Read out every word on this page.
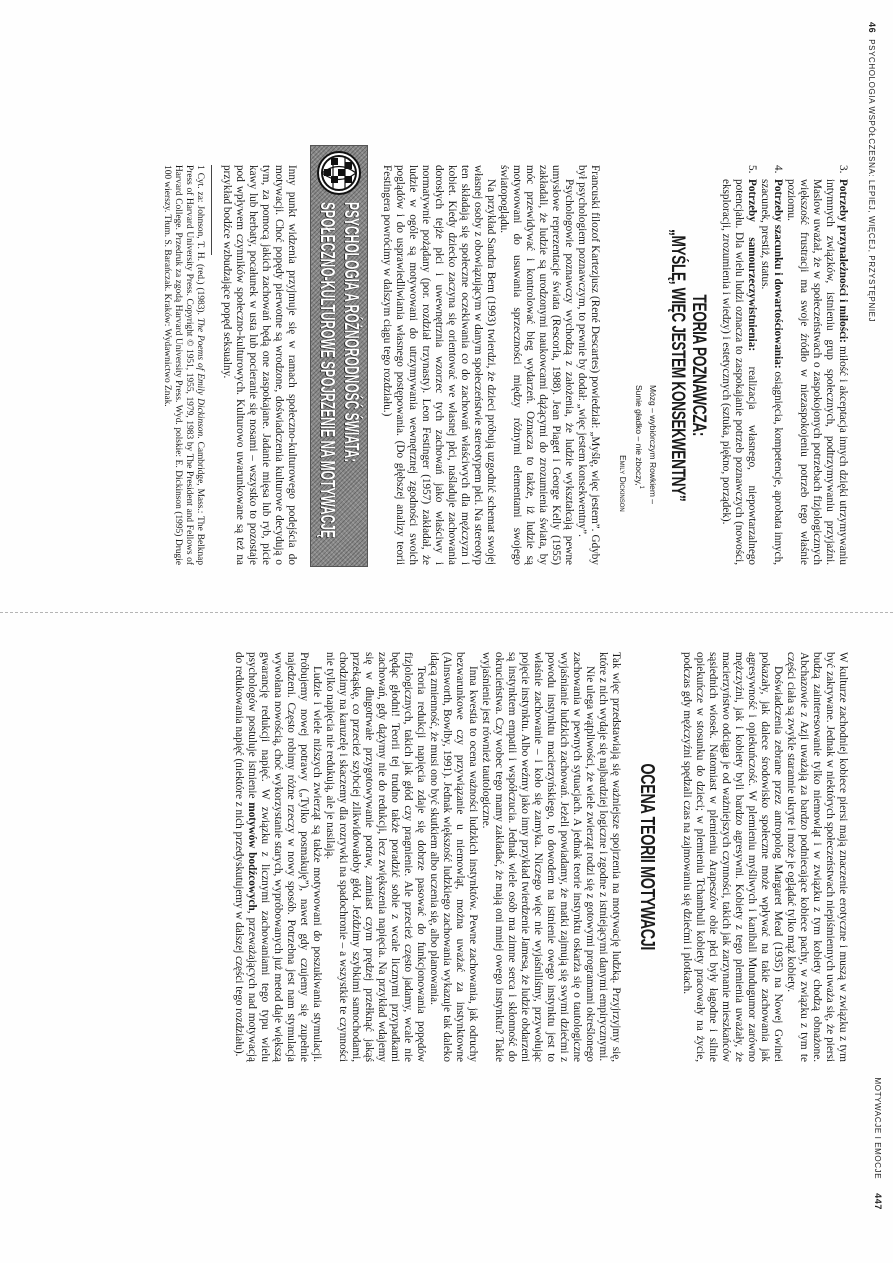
46PSYCHOLOGIA WSPÓŁCZESNA: LEPIEJ, WIĘCEJ, PRZYSTĘPNIEJ
MOTYWACJE I EMOCJE447
3.Potrzeby przynależności i miłości: miłość i akceptacja innych dzięki utrzymywaniu intymnych związków, istnieniu grup społecznych, podtrzymywaniu przyjaźni. Maslow uważał, że w społeczeństwach o zaspokojonych potrzebach fizjologicznych większość frustracji ma swoje źródło w niezaspokojeniu potrzeb tego właśnie poziomu.
4.Potrzeby szacunku i dowartościowania: osiągnięcia, kompetencje, aprobata innych, szacunek, prestiż, status.
5.Potrzeby samourzeczywistnienia: realizacja własnego, niepowtarzalnego potencjału. Dla wielu ludzi oznacza to zaspokajanie potrzeb poznawczych (nowości, eksploracji, zrozumienia i wiedzy) i estetycznych (sztuka, piękno, porządek).
TEORIA POZNAWCZA:
„MYŚLĘ, WIĘC JESTEM KONSEKWENTNY”
Mózg – wybiórczym Rowkiem –
Sunie gładko – nie zboczy,$^1$
Emily Dickinson

Francuski filozof Kartezjusz (René Descartes) powiedział: „Myślę, więc jestem”. Gdyby był psychologiem poznawczym, to pewnie by dodał: „więc jestem konsekwentny”.

Psychologowie poznawczy wychodzą z założenia, że ludzie wykształcają pewne umysłowe reprezentacje świata (Rescorla, 1988). Jean Piaget i George Kelly (1955) zakładali, że ludzie są urodzonymi naukowcami dążącymi do zrozumienia świata, by móc przewidywać i kontrolować bieg wydarzeń. Oznacza to także, iż ludzie są motywowani do usuwania sprzeczności między różnymi elementami swojego światopoglądu.

Na przykład Sandra Bem (1993) twierdzi, że dzieci próbują uzgodnić schemat swojej własnej osoby z obowiązującym w danym społeczeństwie stereotypem płci. Na stereotyp ten składają się społeczne oczekiwania co do zachowań właściwych dla mężczyzn i kobiet. Kiedy dziecko zaczyna się orientować we własnej płci, naśladuje zachowania dorosłych tejże płci i uwewnętrznia wzorzec tych zachowań jako właściwy i normatywnie pożądany (por. rozdział trzynasty). Leon Festinger (1957) zakładał, że ludzie w ogóle są motywowani do utrzymywania wewnętrznej zgodności swoich poglądów i do usprawiedliwiania własnego postępowania. (Do głębszej analizy teorii Festingera powrócimy w dalszym ciągu tego rozdziału.)

PSYCHOLOGIA A RÓŻNORODNOŚĆ ŚWIATA:
SPOŁECZNO-KULTUROWE SPOJRZENIE NA MOTYWACJĘ

Inny punkt widzenia przyjmuje się w ramach społeczno-kulturowego podejścia do motywacji. Choć popędy pierwotne są wrodzone, doświadczenia kulturowe decydują o tym, za pomocą jakich zachowań będą one zaspokajane. Jadanie mięsa lub ryb, picie kawy lub herbaty, pocałunek w usta lub pocieranie się nosami – wszystko to pozostaje pod wpływem czynników społeczno-kulturowych. Kulturowo uwarunkowane są też na przykład bodźce wzbudzające popęd seksualny.

1 Cyt. za: Johnson, T. H. (red.) (1983). The Poems of Emily Dickinson. Cambridge, Mass.: The Belknap Press of Harvard University Press. Copyright © 1951, 1955, 1979, 1983 by The President and Fellows of Harvard College. Przedruk za zgodą Harvard University Press. Wyd. polskie: E. Dickinson (1995) Drugie 100 wierszy. Tłum. S. Barańczak. Kraków: Wydawnictwo Znak.

W kulturze zachodniej kobiece piersi mają znaczenie erotyczne i muszą w związku z tym być zakrywane. Jednak w niektórych społeczeństwach niepiśmiennych uważa się, że piersi budzą zainteresowanie tylko niemowląt i w związku z tym kobiety chodzą obnażone. Abchazowie z Azji uważają za bardzo podniecające kobiece pachy, w związku z tym te części ciała są zwykle starannie ukryte i może je oglądać tylko mąż kobiety.

Doświadczenia zebrane przez antropolog Margaret Mead (1935) na Nowej Gwinei pokazały, jak dalece środowisko społeczne może wpływać na takie zachowania jak agresywność i opiekuńczość. W plemieniu myśliwych i kanibali Mundugumor zarówno mężczyźni, jak i kobiety byli bardzo agresywni. Kobiety z tego plemienia uważały, że macierzyństwo odciąga je od ważniejszych czynności, takich jak zarzynanie mieszkańców sąsiednich wiosek. Natomiast w plemieniu Arapeszów obie płci były łagodne i silnie opiekuńcze w stosunku do dzieci; w plemieniu Tchambuli kobiety pracowały na życie, podczas gdy mężczyźni spędzali czas na zajmowaniu się dziećmi i plotkach.

OCENA TEORII MOTYWACJI

Tak więc przedstawiają się ważniejsze spojrzenia na motywację ludzką. Przyjrzyjmy się, które z nich wydaje się najbardziej logiczne i zgodne z istniejącymi danymi empirycznymi.

Nie ulega wątpliwości, że wiele zwierząt rodzi się z gotowymi programami określonego zachowania w pewnych sytuacjach. A jednak teorie instynktu oskarża się o tautologiczne wyjaśnianie ludzkich zachowań. Jeżeli powiadamy, że matki zajmują się swymi dziećmi z powodu instynktu macierzyńskiego, to dowodem na istnienie owego instynktu jest to właśnie zachowanie – i koło się zamyka. Niczego więc nie wyjaśniliśmy, przywołując pojęcie instynktu. Albo weźmy jako inny przykład twierdzenie Jamesa, że ludzie obdarzeni są instynktem empatii i współczucia. Jednak wiele osób ma zimne serca i skłonność do okrucieństwa. Czy wobec tego mamy zakładać, że mają oni mniej owego instynktu? Takie wyjaśnienie jest również tautologiczne.

Inna kwestia to ocena ważności ludzkich instynktów. Pewne zachowania, jak odruchy bezwarunkowe czy przywiązanie u niemowląt, można uważać za instynktowne (Ainsworth, Bowlby, 1991). Jednak większość ludzkiego zachowania wykazuje tak daleko idącą zmienność, że musi ono być skutkiem albo uczenia się, albo planowania.

Teoria redukcji napięcia zdaje się dobrze pasować do funkcjonowania popędów fizjologicznych, takich jak głód czy pragnienie. Ale przecież często jadamy, wcale nie będąc głodni! Teorii tej trudno także poradzić sobie z wcale licznymi przypadkami zachowań, gdy dążymy nie do redukcji, lecz zwiększenia napięcia. Na przykład wdajemy się w długotrwałe przygotowywanie potraw, zamiast czym prędzej przełknąć jakąś przekąskę, co przecież szybciej zlikwidowałoby głód. Jeździmy szybkimi samochodami, chodzimy na karuzelę i skaczemy dla rozrywki na spadochronie – a wszystkie te czynności nie tylko napięcia nie redukują, ale je nasilają.

Ludzie i wiele niższych zwierząt są także motywowani do poszukiwania stymulacji. Próbujemy nowej potrawy („Tylko posmakuję”), nawet gdy czujemy się zupełnie najedzeni. Często robimy różne rzeczy w nowy sposób. Potrzebna jest nam stymulacja wywołana nowością, choć wykorzystanie starych, wypróbowanych już metod daje większą gwarancję redukcji napięć. W związku z licznymi zachowaniami tego typu wielu psychologów postuluje istnienie motywów bodźcowych, przeważających nad motywacją do redukowania napięć (niektóre z nich przedyskutujemy w dalszej części tego rozdziału).
